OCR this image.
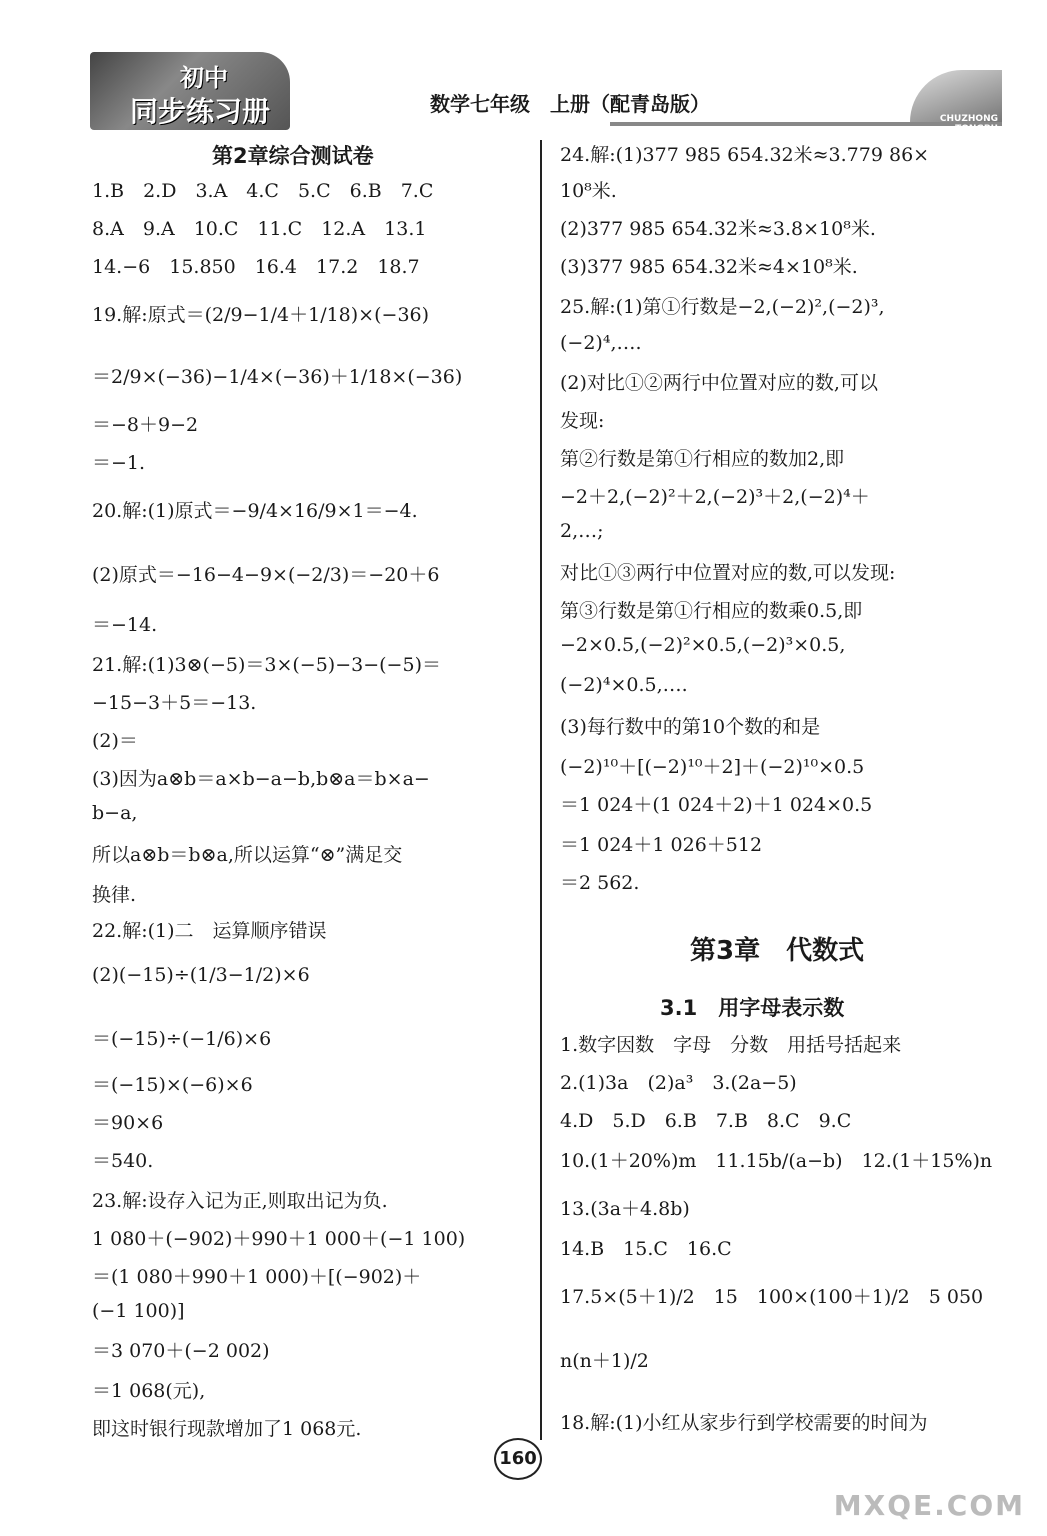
初中
同步练习册	数学七年级　上册（配青岛版）
CHUZHONG
TONGBU LIANXICE
第2章综合测试卷
1.B　2.D　3.A　4.C　5.C　6.B　7.C
8.A　9.A　10.C　11.C　12.A　13.1
14.−6　15.850　16.4　17.2　18.7
19.解:原式＝(2/9−1/4＋1/18)×(−36)
＝2/9×(−36)−1/4×(−36)＋1/18×(−36)
＝−8＋9−2
＝−1.
20.解:(1)原式＝−9/4×16/9×1＝−4.
(2)原式＝−16−4−9×(−2/3)＝−20＋6
＝−14.
21.解:(1)3⊗(−5)＝3×(−5)−3−(−5)＝
−15−3＋5＝−13.
(2)＝
(3)因为a⊗b＝a×b−a−b,b⊗a＝b×a−
b−a,
所以a⊗b＝b⊗a,所以运算“⊗”满足交
换律.
22.解:(1)二　运算顺序错误
(2)(−15)÷(1/3−1/2)×6
＝(−15)÷(−1/6)×6
＝(−15)×(−6)×6
＝90×6
＝540.
23.解:设存入记为正,则取出记为负.
1 080＋(−902)＋990＋1 000＋(−1 100)
＝(1 080＋990＋1 000)＋[(−902)＋
(−1 100)]
＝3 070＋(−2 002)
＝1 068(元),
即这时银行现款增加了1 068元.
24.解:(1)377 985 654.32米≈3.779 86×
10⁸米.
(2)377 985 654.32米≈3.8×10⁸米.
(3)377 985 654.32米≈4×10⁸米.
25.解:(1)第①行数是−2,(−2)²,(−2)³,
(−2)⁴,….
(2)对比①②两行中位置对应的数,可以
发现:
第②行数是第①行相应的数加2,即
−2＋2,(−2)²＋2,(−2)³＋2,(−2)⁴＋
2,…;
对比①③两行中位置对应的数,可以发现:
第③行数是第①行相应的数乘0.5,即
−2×0.5,(−2)²×0.5,(−2)³×0.5,
(−2)⁴×0.5,….
(3)每行数中的第10个数的和是
(−2)¹⁰＋[(−2)¹⁰＋2]＋(−2)¹⁰×0.5
＝1 024＋(1 024＋2)＋1 024×0.5
＝1 024＋1 026＋512
＝2 562.
第3章　代数式
3.1　用字母表示数
1.数字因数　字母　分数　用括号括起来
2.(1)3a　(2)a³　3.(2a−5)
4.D　5.D　6.B　7.B　8.C　9.C
10.(1＋20%)m　11.15b/(a−b)　12.(1＋15%)n
13.(3a＋4.8b)
14.B　15.C　16.C
17.5×(5＋1)/2　15　100×(100＋1)/2　5 050
n(n＋1)/2
18.解:(1)小红从家步行到学校需要的时间为
160
MXQE.COM
